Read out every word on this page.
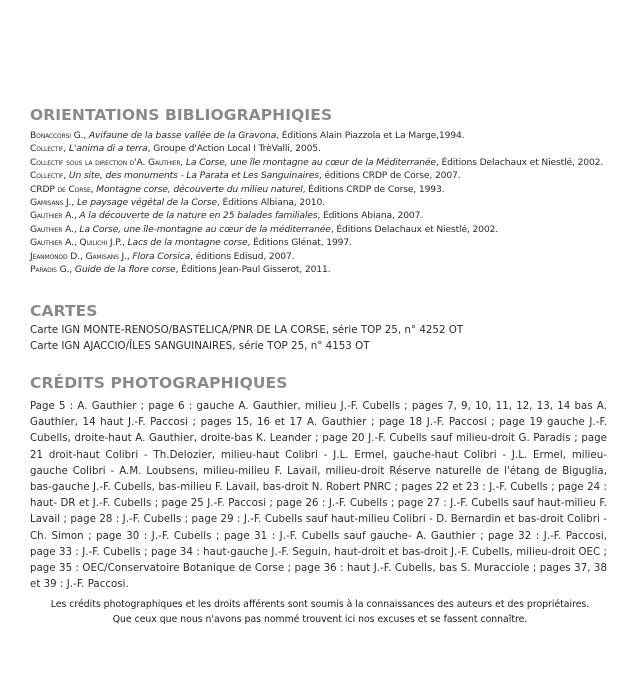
ORIENTATIONS BIBLIOGRAPHIQIES
Bonaccorsi G., Avifaune de la basse vallée de la Gravona, Éditions Alain Piazzola et La Marge,1994.
Collectif, L'anima di a terra, Groupe d'Action Local I TrèValli, 2005.
Collectif sous la direction d'A. Gauthier, La Corse, une île montagne au cœur de la Méditerranée, Éditions Delachaux et Niestlé, 2002.
Collectif, Un site, des monuments - La Parata et Les Sanguinaires, éditions CRDP de Corse, 2007.
CRDP de Corse, Montagne corse, découverte du milieu naturel, Éditions CRDP de Corse, 1993.
Gamisans J., Le paysage végétal de la Corse, Éditions Albiana, 2010.
Gauthier A., A la découverte de la nature en 25 balades familiales, Éditions Abiana, 2007.
Gauthier A., La Corse, une île-montagne au cœur de la méditerranée, Éditions Delachaux et Niestlé, 2002.
Gauthier A., Quilichi J.P., Lacs de la montagne corse, Éditions Glénat, 1997.
Jeanmonod D., Gamisans J., Flora Corsica, éditions Edisud, 2007.
Paradis G., Guide de la flore corse, Éditions Jean-Paul Gisserot, 2011.
CARTES
Carte IGN MONTE-RENOSO/BASTELICA/PNR DE LA CORSE, série TOP 25, n° 4252 OT
Carte IGN AJACCIO/ÎLES SANGUINAIRES, série TOP 25, n° 4153 OT
CRÉDITS PHOTOGRAPHIQUES

Page 5 : A. Gauthier ; page 6 : gauche A. Gauthier, milieu J.-F. Cubells ; pages 7, 9, 10, 11, 12, 13, 14 bas A. Gauthier, 14 haut J.-F. Paccosi ; pages 15, 16 et 17 A. Gauthier ; page 18 J.-F. Paccosi ; page 19 gauche J.-F. Cubells, droite-haut A. Gauthier, droite-bas K. Leander ; page 20 J.-F. Cubells sauf milieu-droit G. Paradis ; page 21 droit-haut Colibri - Th.Delozier, milieu-haut Colibri - J.L. Ermel, gauche-haut Colibri - J.L. Ermel, milieu-gauche Colibri - A.M. Loubsens, milieu-milieu F. Lavail, milieu-droit Réserve naturelle de l'étang de Biguglia, bas-gauche J.-F. Cubells, bas-milieu F. Lavail, bas-droit N. Robert PNRC ; pages 22 et 23 : J.-F. Cubells ; page 24 : haut- DR et J.-F. Cubells ; page 25 J.-F. Paccosi ; page 26 : J.-F. Cubells ; page 27 : J.-F. Cubells sauf haut-milieu F. Lavail ; page 28 : J.-F. Cubells ; page 29 : J.-F. Cubells sauf haut-milieu Colibri - D. Bernardin et bas-droit Colibri - Ch. Simon ; page 30 : J.-F. Cubells ; page 31 : J.-F. Cubells sauf gauche- A. Gauthier ; page 32 : J.-F. Paccosi, page 33 : J.-F. Cubells ; page 34 : haut-gauche J.-F. Seguin, haut-droit et bas-droit J.-F. Cubells, milieu-droit OEC ; page 35 : OEC/Conservatoire Botanique de Corse ; page 36 : haut J.-F. Cubells, bas S. Muracciole ; pages 37, 38 et 39 : J.-F. Paccosi.

Les crédits photographiques et les droits afférents sont soumis à la connaissances des auteurs et des propriétaires.
Que ceux que nous n'avons pas nommé trouvent ici nos excuses et se fassent connaître.
